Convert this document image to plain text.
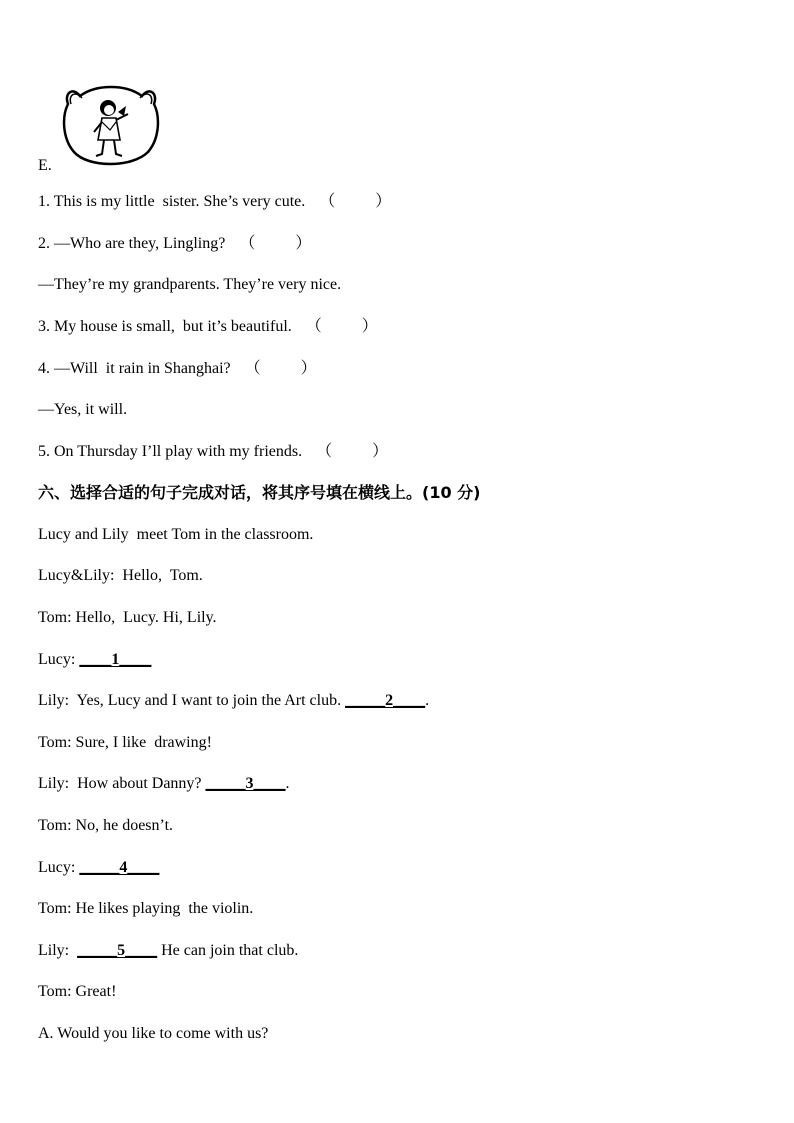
E.
1. This is my little  sister. She’s very cute. （          ）
2. —Who are they, Lingling? （          ）
—They’re my grandparents. They’re very nice.
3. My house is small,  but it’s beautiful. （          ）
4. —Will  it rain in Shanghai? （          ）
—Yes, it will.
5. On Thursday I’ll play with my friends. （          ）
六、选择合适的句子完成对话，将其序号填在横线上。(10 分)
Lucy and Lily  meet Tom in the classroom.
Lucy&Lily:  Hello,  Tom.
Tom: Hello,  Lucy. Hi, Lily.
Lucy: ____1____
Lily:  Yes, Lucy and I want to join the Art club. _____2____.
Tom: Sure, I like  drawing!
Lily:  How about Danny? _____3____.
Tom: No, he doesn’t.
Lucy: _____4____
Tom: He likes playing  the violin.
Lily:  _____5____ He can join that club.
Tom: Great!
A. Would you like to come with us?
